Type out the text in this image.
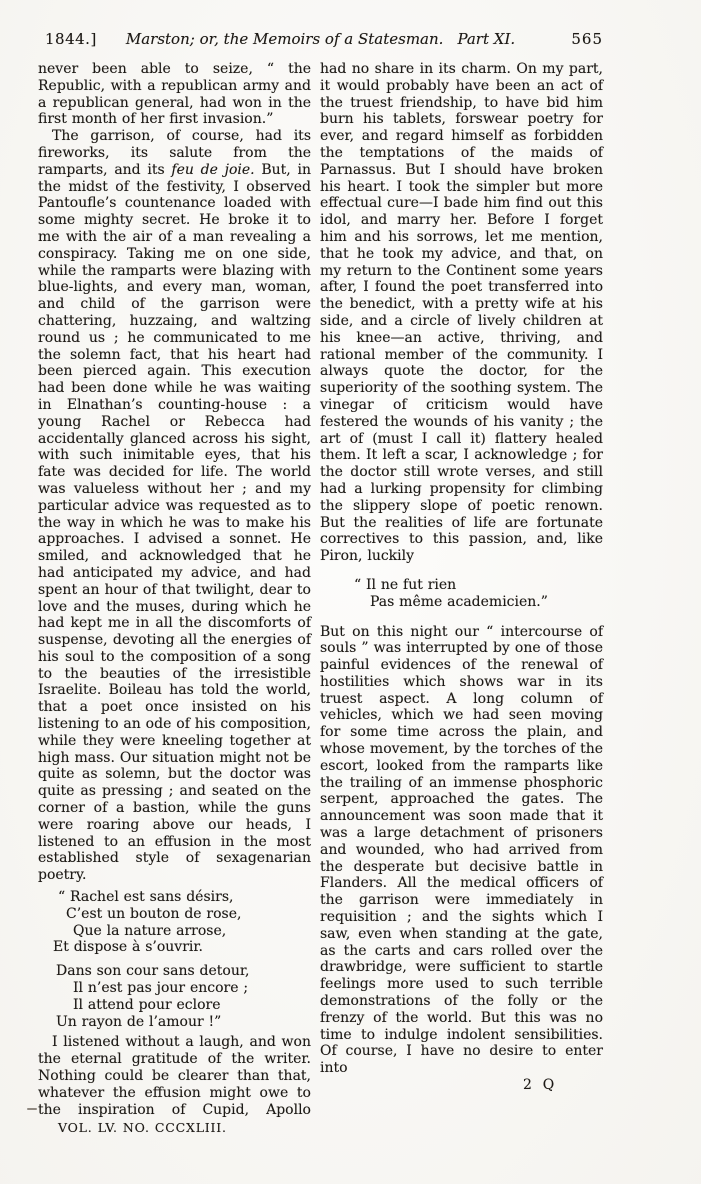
1844.]	Marston; or, the Memoirs of a Statesman. Part XI.	565

never been able to seize, “ the Republic, with a republican army and a republican general, had won in the first month of her first invasion.”

The garrison, of course, had its fireworks, its salute from the ramparts, and its feu de joie. But, in the midst of the festivity, I observed Pantoufle’s countenance loaded with some mighty secret. He broke it to me with the air of a man revealing a conspiracy. Taking me on one side, while the ramparts were blazing with blue-lights, and every man, woman, and child of the garrison were chattering, huzzaing, and waltzing round us ; he communicated to me the solemn fact, that his heart had been pierced again. This execution had been done while he was waiting in Elnathan’s counting-house : a young Rachel or Rebecca had accidentally glanced across his sight, with such inimitable eyes, that his fate was decided for life. The world was valueless without her ; and my particular advice was requested as to the way in which he was to make his approaches. I advised a sonnet. He smiled, and acknowledged that he had anticipated my advice, and had spent an hour of that twilight, dear to love and the muses, during which he had kept me in all the discomforts of suspense, devoting all the energies of his soul to the composition of a song to the beauties of the irresistible Israelite. Boileau has told the world, that a poet once insisted on his listening to an ode of his composition, while they were kneeling together at high mass. Our situation might not be quite as solemn, but the doctor was quite as pressing ; and seated on the corner of a bastion, while the guns were roaring above our heads, I listened to an effusion in the most established style of sexagenarian poetry.

“ Rachel est sans désirs,
C’est un bouton de rose,
Que la nature arrose,
Et dispose à s’ouvrir.
Dans son cour sans detour,
Il n’est pas jour encore ;
Il attend pour eclore
Un rayon de l’amour !”

I listened without a laugh, and won the eternal gratitude of the writer. Nothing could be clearer than that, whatever the effusion might owe to the inspiration of Cupid, Apollo

VOL. LV. NO. CCCXLIII.

had no share in its charm. On my part, it would probably have been an act of the truest friendship, to have bid him burn his tablets, forswear poetry for ever, and regard himself as forbidden the temptations of the maids of Parnassus. But I should have broken his heart. I took the simpler but more effectual cure—I bade him find out this idol, and marry her. Before I forget him and his sorrows, let me mention, that he took my advice, and that, on my return to the Continent some years after, I found the poet transferred into the benedict, with a pretty wife at his side, and a circle of lively children at his knee—an active, thriving, and rational member of the community. I always quote the doctor, for the superiority of the soothing system. The vinegar of criticism would have festered the wounds of his vanity ; the art of (must I call it) flattery healed them. It left a scar, I acknowledge ; for the doctor still wrote verses, and still had a lurking propensity for climbing the slippery slope of poetic renown. But the realities of life are fortunate correctives to this passion, and, like Piron, luckily

“ Il ne fut rien
Pas même academicien.”

But on this night our “ intercourse of souls ” was interrupted by one of those painful evidences of the renewal of hostilities which shows war in its truest aspect. A long column of vehicles, which we had seen moving for some time across the plain, and whose movement, by the torches of the escort, looked from the ramparts like the trailing of an immense phosphoric serpent, approached the gates. The announcement was soon made that it was a large detachment of prisoners and wounded, who had arrived from the desperate but decisive battle in Flanders. All the medical officers of the garrison were immediately in requisition ; and the sights which I saw, even when standing at the gate, as the carts and cars rolled over the drawbridge, were sufficient to startle feelings more used to such terrible demonstrations of the folly or the frenzy of the world. But this was no time to indulge indolent sensibilities. Of course, I have no desire to enter into

2 Q
